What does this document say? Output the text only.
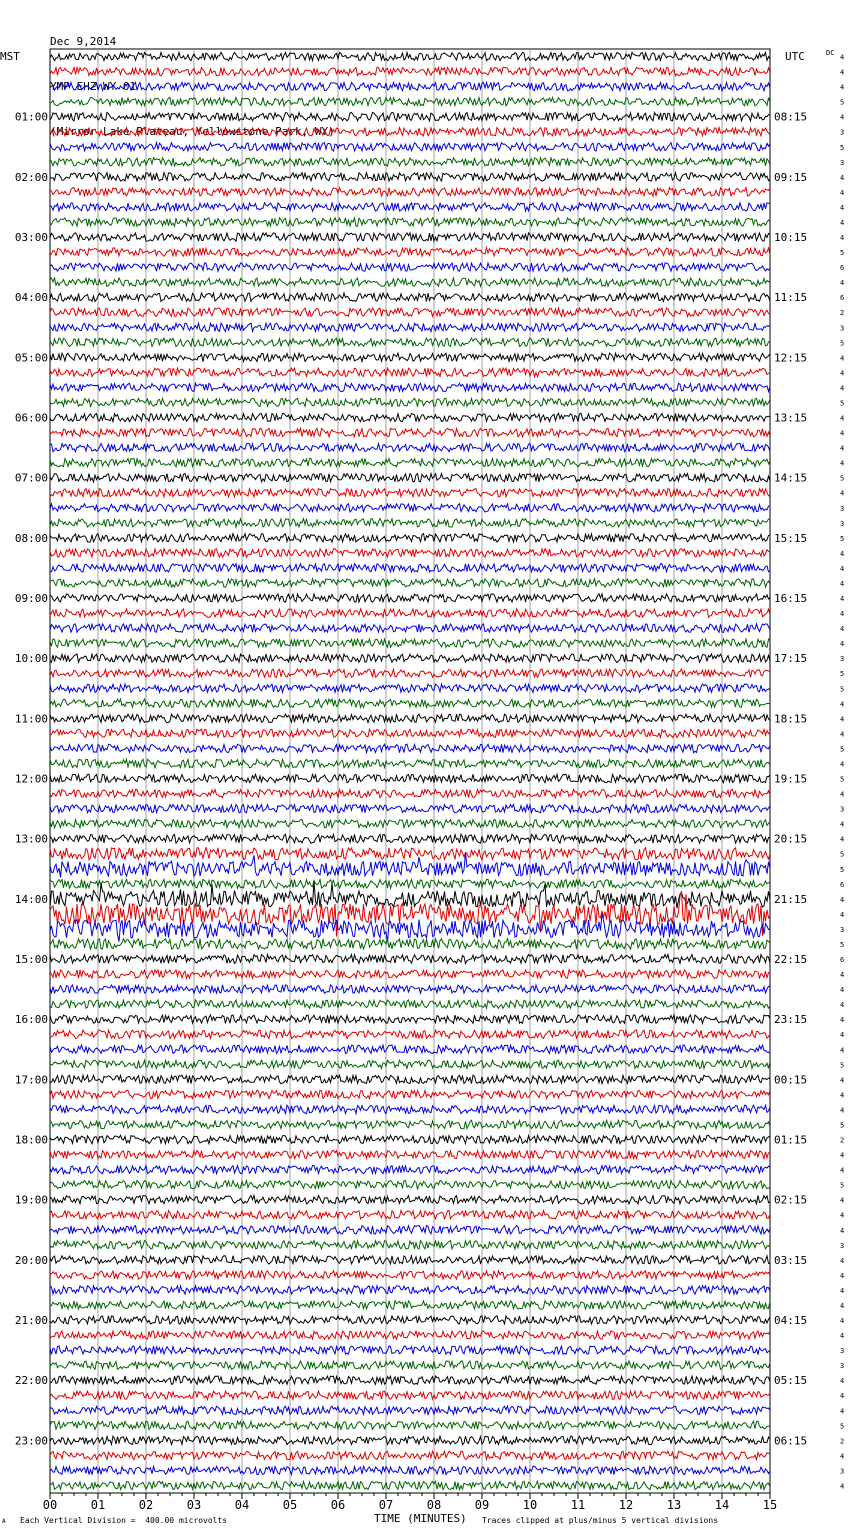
Dec 9,2014

YMP EHZ WY 01

(Mirror Lake Plateau, Yellowstone Park, WY)

MST	UTC	DC
00	01	02	03	04	05	06	07	08	09	10	11	12	13	14	15
4
4
4
5
4
3
5
3
4
4
4
4
4
5
6
4
6
2
3
5
4
4
4
5
4
4
4
4
5
4
3
3
5
4
4
4
4
4
4
4
3
5
5
4
4
4
5
4
5
4
3
4
4
5
5
6
4
4
3
5
6
4
4
4
4
4
4
5
4
4
4
5
2
4
4
5
4
4
4
3
4
4
4
4
4
4
3
3
4
4
4
5
2
4
3
4
01:00
02:00
03:00
04:00
05:00
06:00
07:00
08:00
09:00
10:00
11:00
12:00
13:00
14:00
15:00
16:00
17:00
18:00
19:00
20:00
21:00
22:00
23:00
08:15
09:15
10:15
11:15
12:15
13:15
14:15
15:15
16:15
17:15
18:15
19:15
20:15
21:15
22:15
23:15
00:15
01:15
02:15
03:15
04:15
05:15
06:15
TIME (MINUTES)
A Each Vertical Division =  400.00 microvolts	Traces clipped at plus/minus 5 vertical divisions
